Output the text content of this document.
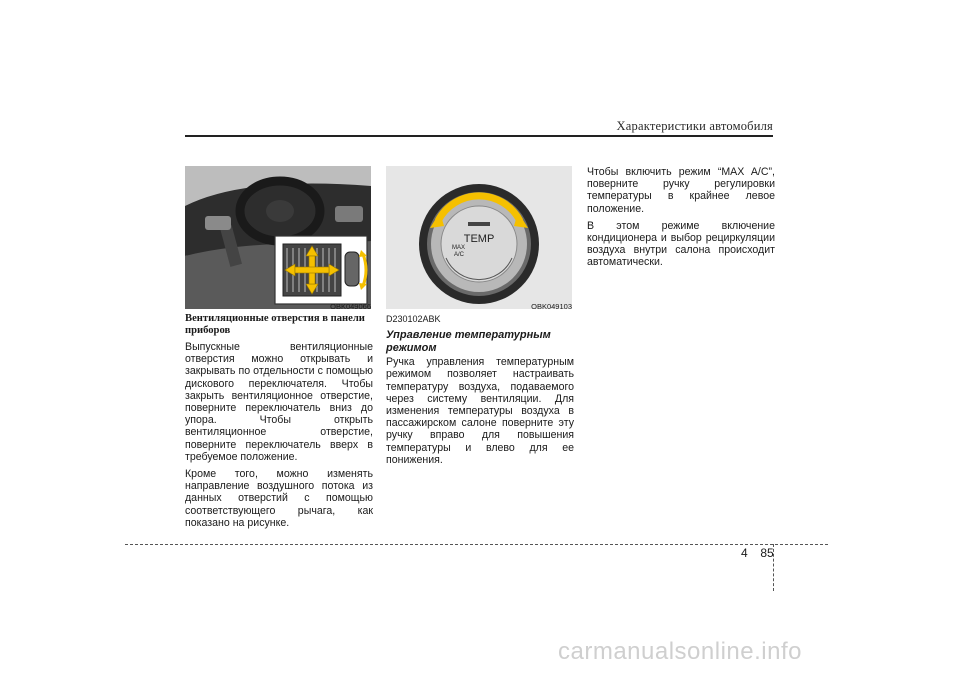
Характеристики автомобиля
OBK049066
TEMP
MAX
A/C
OBK049103
Вентиляционные отверстия в панели приборов

Выпускные вентиляционные отверстия можно открывать и закрывать по отдельности с помощью дискового переключателя. Чтобы закрыть вентиляционное отверстие, поверните переключатель вниз до упора. Чтобы открыть вентиляционное отверстие, поверните переключатель вверх в требуемое положение.

Кроме того, можно изменять направление воздушного потока из данных отверстий с помощью соответствующего рычага, как показано на рисунке.

D230102ABK
Управление температурным режимом

Ручка управления температурным режимом позволяет настраивать температуру воздуха, подаваемого через систему вентиляции. Для изменения температуры воздуха в пассажирском салоне поверните эту ручку вправо для повышения температуры и влево для ее понижения.

Чтобы включить режим “MAX A/C”, поверните ручку регулировки температуры в крайнее левое положение.

В этом режиме включение кондиционера и выбор рециркуляции воздуха внутри салона происходит автоматически.

4 85
carmanualsonline.info
